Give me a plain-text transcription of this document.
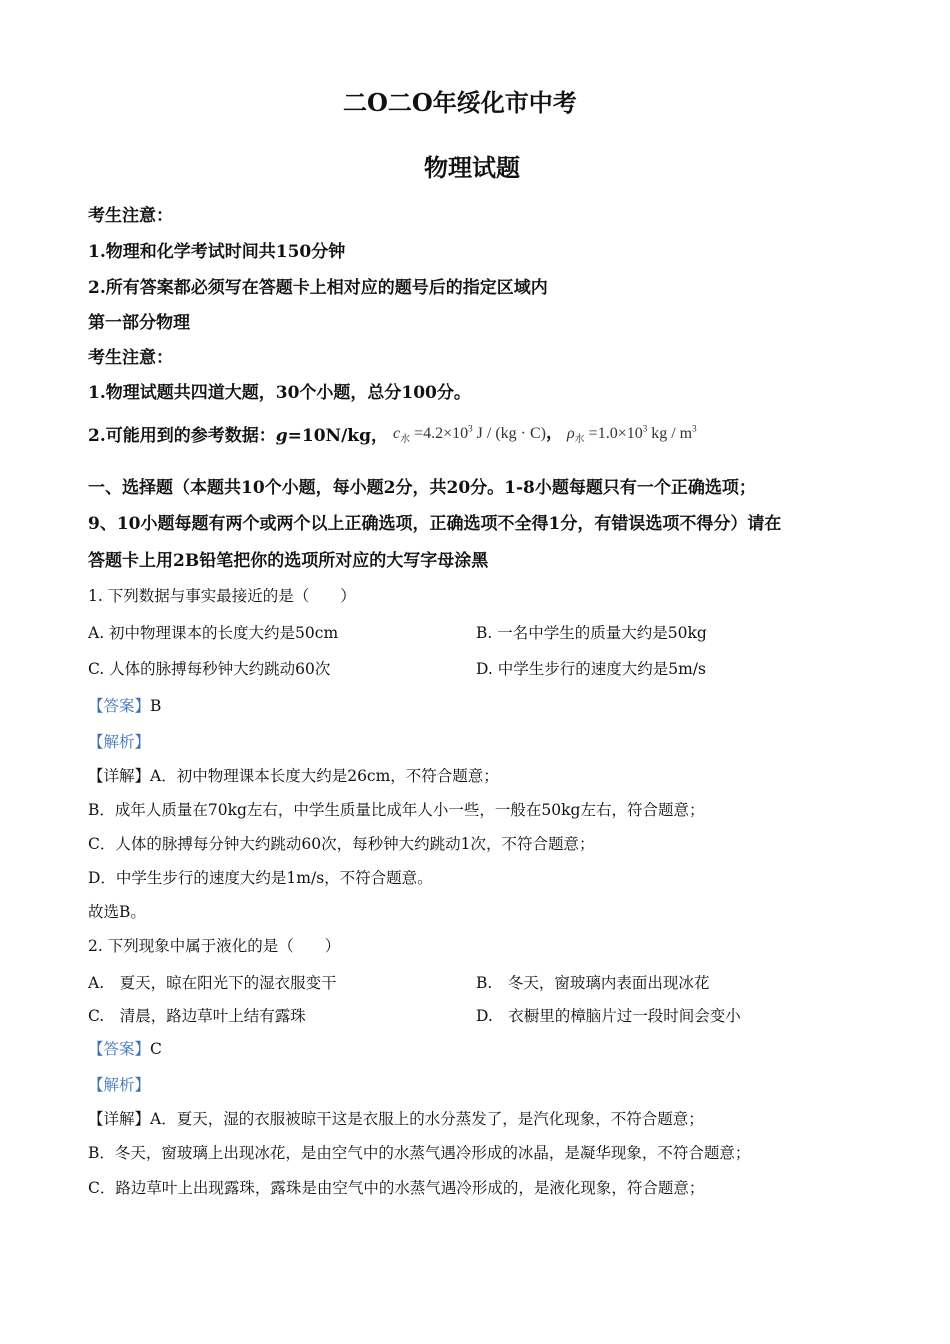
二O二O年绥化市中考
物理试题
考生注意：
1.物理和化学考试时间共150分钟
2.所有答案都必须写在答题卡上相对应的题号后的指定区域内
第一部分物理
考生注意：
1.物理试题共四道大题，30个小题，总分100分。
2.可能用到的参考数据：g=10N/kg， $c_水 =4.2\times 10^3$ J / (kg · C)， $\rho_水 =1.0\times 10^3$ kg / $m^3$
一、选择题（本题共10个小题，每小题2分，共20分。1-8小题每题只有一个正确选项；
9、10小题每题有两个或两个以上正确选项，正确选项不全得1分，有错误选项不得分）请在
答题卡上用2B铅笔把你的选项所对应的大写字母涂黑
1. 下列数据与事实最接近的是（　　）
A. 初中物理课本的长度大约是50cm	B. 一名中学生的质量大约是50kg
C. 人体的脉搏每秒钟大约跳动60次	D. 中学生步行的速度大约是5m/s
【答案】B
【解析】
【详解】A．初中物理课本长度大约是26cm，不符合题意；
B．成年人质量在70kg左右，中学生质量比成年人小一些，一般在50kg左右，符合题意；
C．人体的脉搏每分钟大约跳动60次，每秒钟大约跳动1次，不符合题意；
D．中学生步行的速度大约是1m/s，不符合题意。
故选B。
2. 下列现象中属于液化的是（　　）
A.　夏天，晾在阳光下的湿衣服变干	B.　冬天，窗玻璃内表面出现冰花
C.　清晨，路边草叶上结有露珠	D.　衣橱里的樟脑片过一段时间会变小
【答案】C
【解析】
【详解】A．夏天，湿的衣服被晾干这是衣服上的水分蒸发了，是汽化现象，不符合题意；
B．冬天，窗玻璃上出现冰花，是由空气中的水蒸气遇冷形成的冰晶，是凝华现象，不符合题意；
C．路边草叶上出现露珠，露珠是由空气中的水蒸气遇冷形成的，是液化现象，符合题意；
